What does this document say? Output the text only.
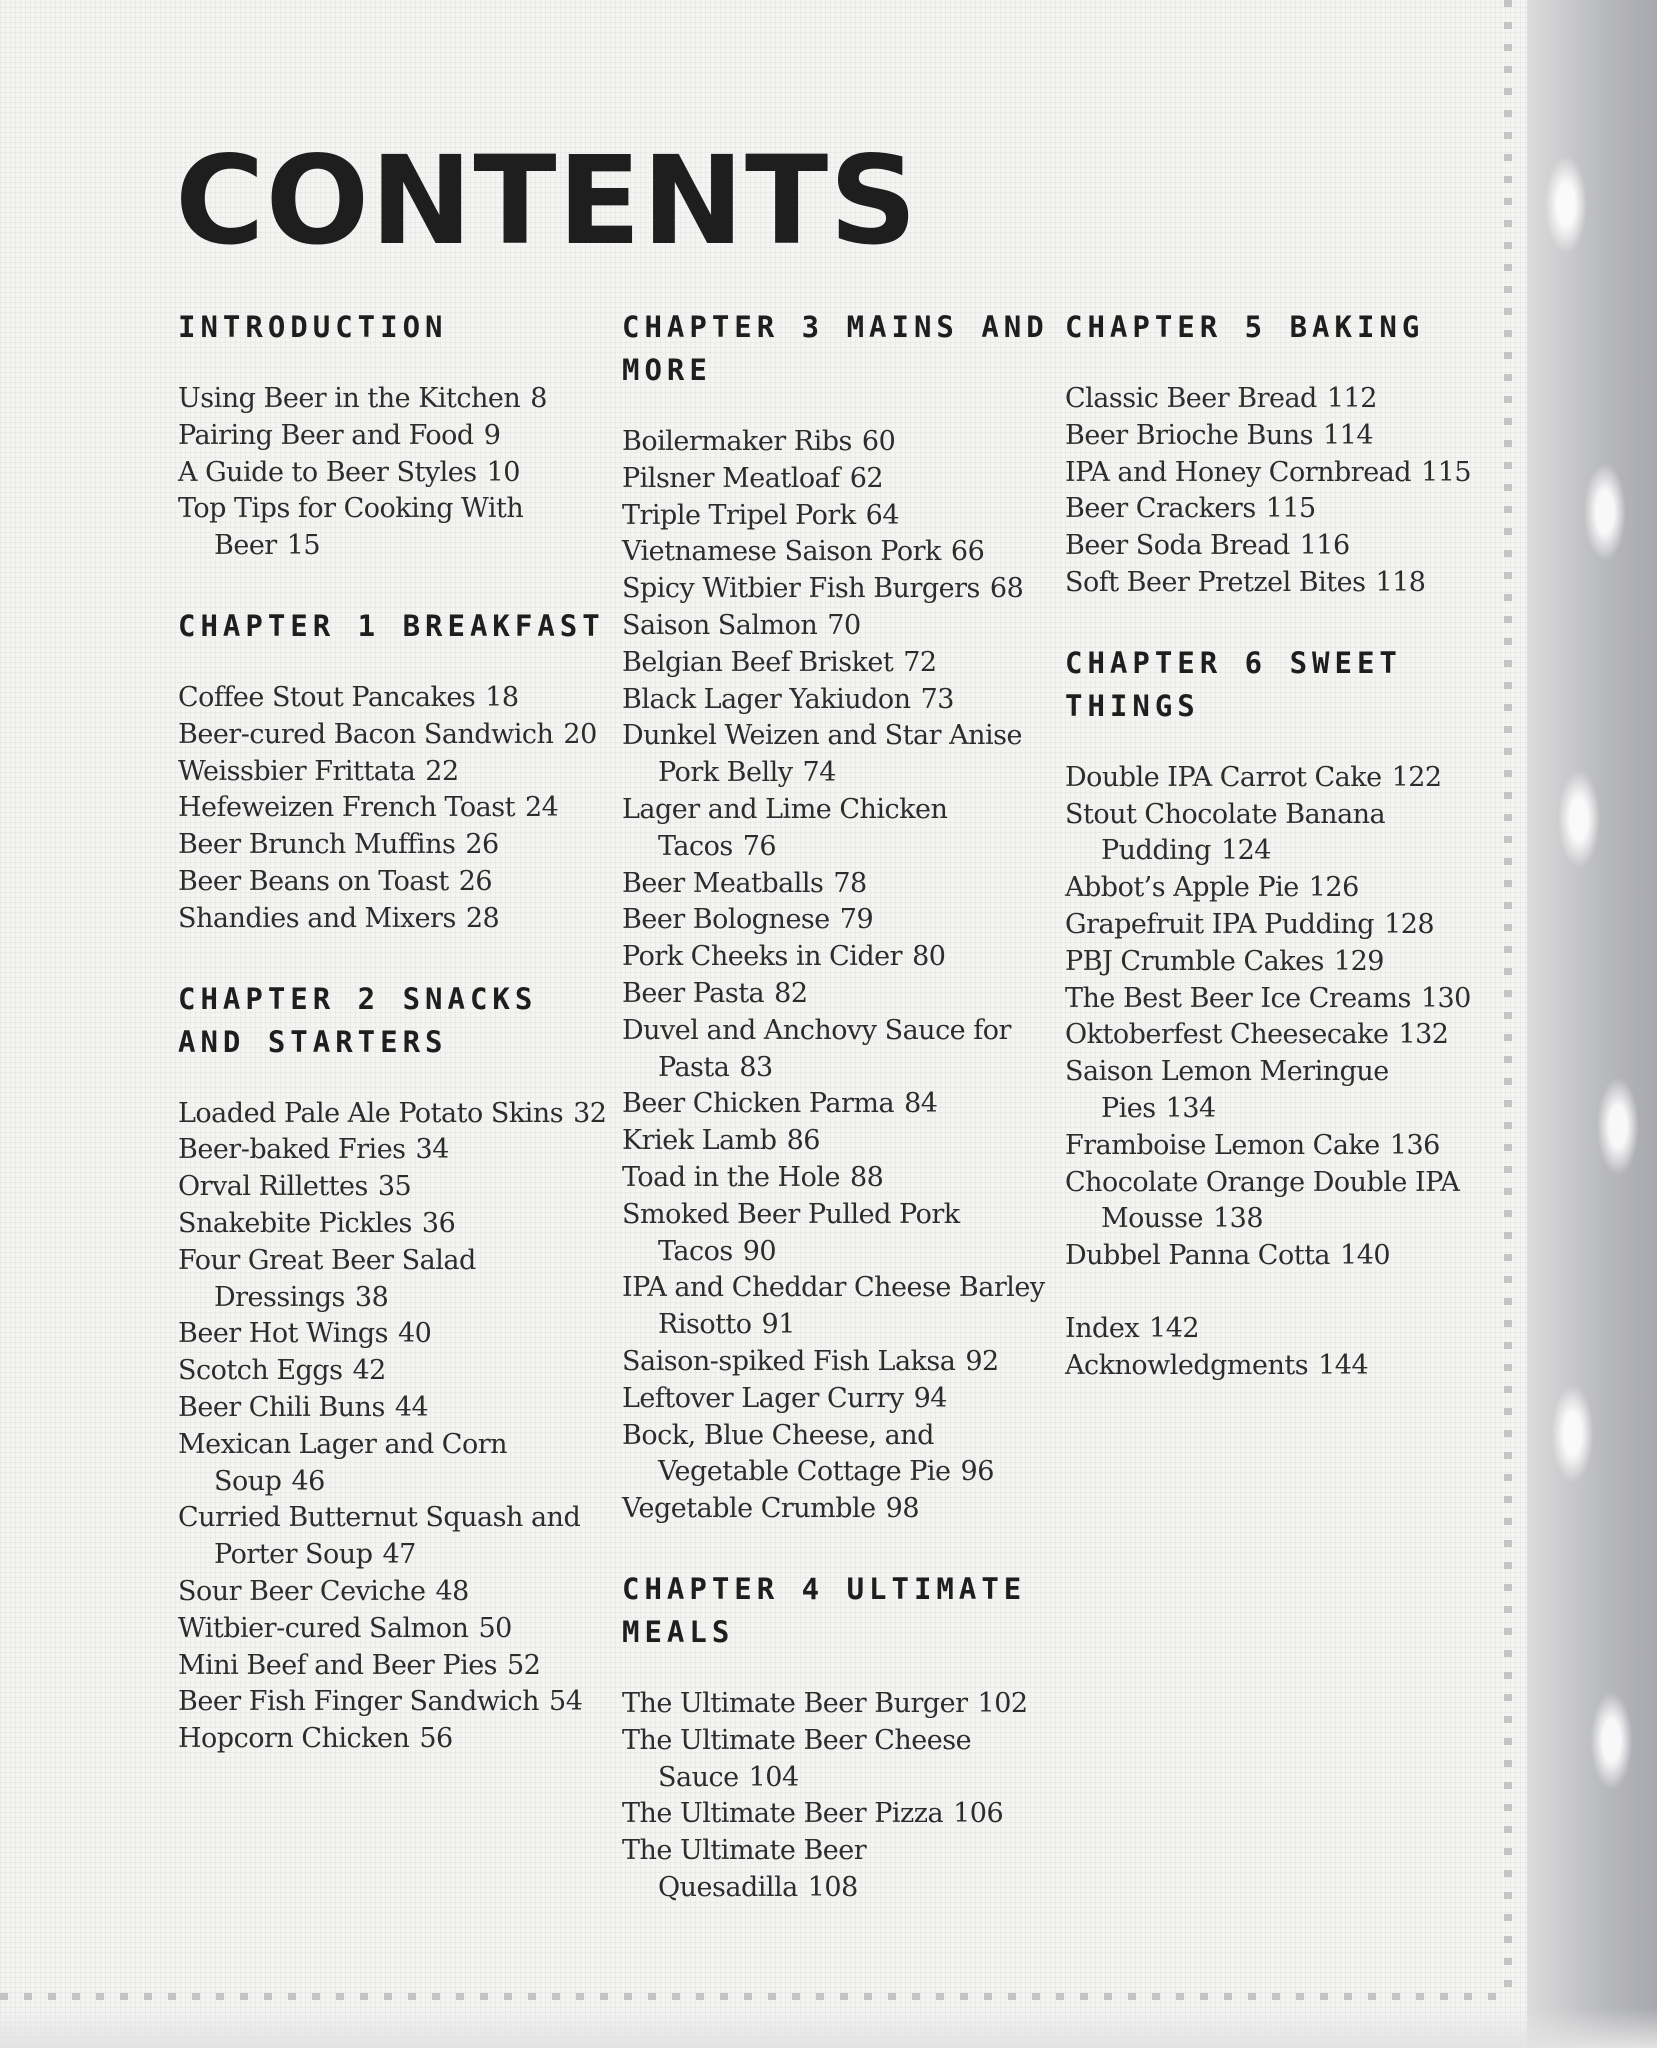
CONTENTS
INTRODUCTION
Using Beer in the Kitchen 8
Pairing Beer and Food 9
A Guide to Beer Styles 10
Top Tips for Cooking With Beer 15
CHAPTER 1 BREAKFAST
Coffee Stout Pancakes 18
Beer-cured Bacon Sandwich 20
Weissbier Frittata 22
Hefeweizen French Toast 24
Beer Brunch Muffins 26
Beer Beans on Toast 26
Shandies and Mixers 28
CHAPTER 2 SNACKS AND STARTERS
Loaded Pale Ale Potato Skins 32
Beer-baked Fries 34
Orval Rillettes 35
Snakebite Pickles 36
Four Great Beer Salad Dressings 38
Beer Hot Wings 40
Scotch Eggs 42
Beer Chili Buns 44
Mexican Lager and Corn Soup 46
Curried Butternut Squash and Porter Soup 47
Sour Beer Ceviche 48
Witbier-cured Salmon 50
Mini Beef and Beer Pies 52
Beer Fish Finger Sandwich 54
Hopcorn Chicken 56
CHAPTER 3 MAINS AND MORE
Boilermaker Ribs 60
Pilsner Meatloaf 62
Triple Tripel Pork 64
Vietnamese Saison Pork 66
Spicy Witbier Fish Burgers 68
Saison Salmon 70
Belgian Beef Brisket 72
Black Lager Yakiudon 73
Dunkel Weizen and Star Anise Pork Belly 74
Lager and Lime Chicken Tacos 76
Beer Meatballs 78
Beer Bolognese 79
Pork Cheeks in Cider 80
Beer Pasta 82
Duvel and Anchovy Sauce for Pasta 83
Beer Chicken Parma 84
Kriek Lamb 86
Toad in the Hole 88
Smoked Beer Pulled Pork Tacos 90
IPA and Cheddar Cheese Barley Risotto 91
Saison-spiked Fish Laksa 92
Leftover Lager Curry 94
Bock, Blue Cheese, and Vegetable Cottage Pie 96
Vegetable Crumble 98
CHAPTER 4 ULTIMATE MEALS
The Ultimate Beer Burger 102
The Ultimate Beer Cheese Sauce 104
The Ultimate Beer Pizza 106
The Ultimate Beer Quesadilla 108
CHAPTER 5 BAKING
Classic Beer Bread 112
Beer Brioche Buns 114
IPA and Honey Cornbread 115
Beer Crackers 115
Beer Soda Bread 116
Soft Beer Pretzel Bites 118
CHAPTER 6 SWEET THINGS
Double IPA Carrot Cake 122
Stout Chocolate Banana Pudding 124
Abbot’s Apple Pie 126
Grapefruit IPA Pudding 128
PBJ Crumble Cakes 129
The Best Beer Ice Creams 130
Oktoberfest Cheesecake 132
Saison Lemon Meringue Pies 134
Framboise Lemon Cake 136
Chocolate Orange Double IPA Mousse 138
Dubbel Panna Cotta 140
Index 142
Acknowledgments 144
